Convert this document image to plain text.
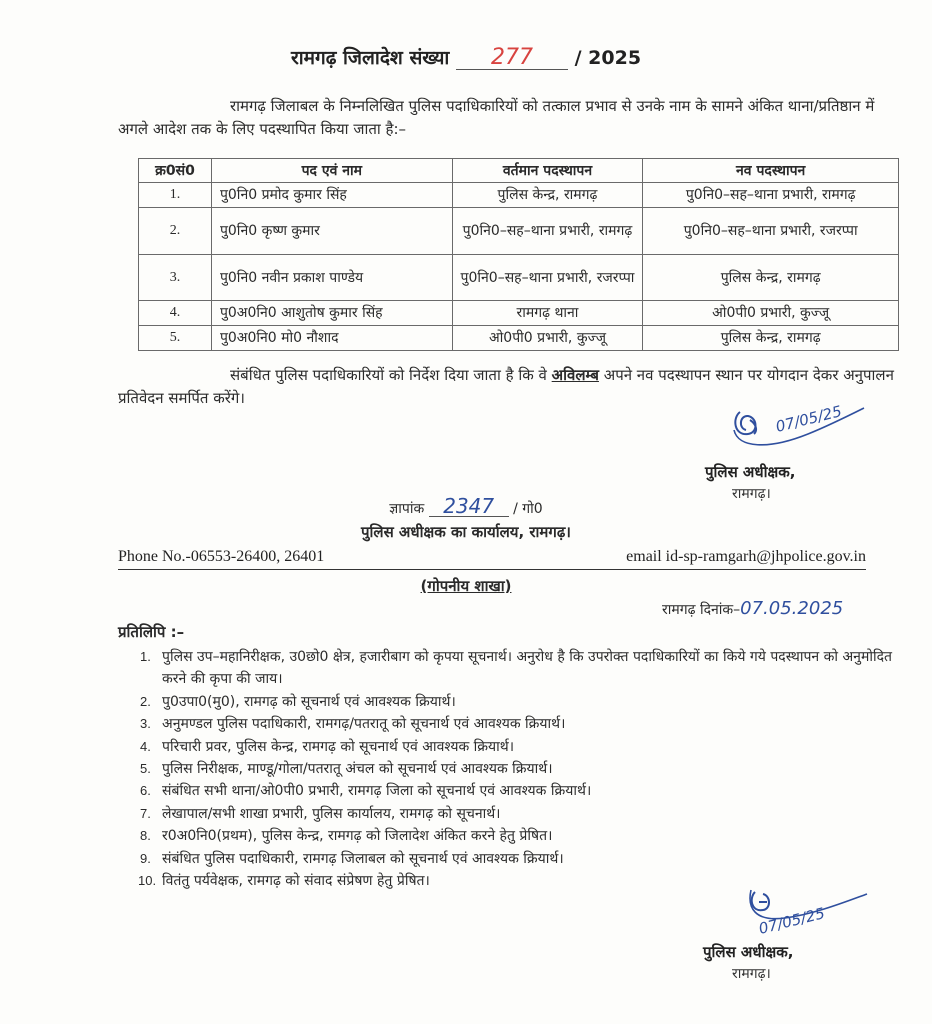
रामगढ़ जिलादेश संख्या 277 / 2025
रामगढ़ जिलाबल के निम्नलिखित पुलिस पदाधिकारियों को तत्काल प्रभाव से उनके नाम के सामने अंकित थाना/प्रतिष्ठान में अगले आदेश तक के लिए पदस्थापित किया जाता है:–
क्र0सं0	पद एवं नाम	वर्तमान पदस्थापन	नव पदस्थापन
1.	पु0नि0 प्रमोद कुमार सिंह	पुलिस केन्द्र, रामगढ़	पु0नि0–सह–थाना प्रभारी, रामगढ़
2.	पु0नि0 कृष्ण कुमार	पु0नि0–सह–थाना प्रभारी, रामगढ़	पु0नि0–सह–थाना प्रभारी, रजरप्पा
3.	पु0नि0 नवीन प्रकाश पाण्डेय	पु0नि0–सह–थाना प्रभारी, रजरप्पा	पुलिस केन्द्र, रामगढ़
4.	पु0अ0नि0 आशुतोष कुमार सिंह	रामगढ़ थाना	ओ0पी0 प्रभारी, कुज्जू
5.	पु0अ0नि0 मो0 नौशाद	ओ0पी0 प्रभारी, कुज्जू	पुलिस केन्द्र, रामगढ़
संबंधित पुलिस पदाधिकारियों को निर्देश दिया जाता है कि वे अविलम्ब अपने नव पदस्थापन स्थान पर योगदान देकर अनुपालन प्रतिवेदन समर्पित करेंगे।
07/05/25
पुलिस अधीक्षक,
रामगढ़।
ज्ञापांक 2347 / गो0
पुलिस अधीक्षक का कार्यालय, रामगढ़।
Phone No.-06553-26400, 26401	email id-sp-ramgarh@jhpolice.gov.in
(गोपनीय शाखा)
रामगढ़ दिनांक–07.05.2025
प्रतिलिपि :–
1. पुलिस उप–महानिरीक्षक, उ0छो0 क्षेत्र, हजारीबाग को कृपया सूचनार्थ। अनुरोध है कि उपरोक्त पदाधिकारियों का किये गये पदस्थापन को अनुमोदित करने की कृपा की जाय।
2. पु0उपा0(मु0), रामगढ़ को सूचनार्थ एवं आवश्यक क्रियार्थ।
3. अनुमण्डल पुलिस पदाधिकारी, रामगढ़/पतरातू को सूचनार्थ एवं आवश्यक क्रियार्थ।
4. परिचारी प्रवर, पुलिस केन्द्र, रामगढ़ को सूचनार्थ एवं आवश्यक क्रियार्थ।
5. पुलिस निरीक्षक, माण्डू/गोला/पतरातू अंचल को सूचनार्थ एवं आवश्यक क्रियार्थ।
6. संबंधित सभी थाना/ओ0पी0 प्रभारी, रामगढ़ जिला को सूचनार्थ एवं आवश्यक क्रियार्थ।
7. लेखापाल/सभी शाखा प्रभारी, पुलिस कार्यालय, रामगढ़ को सूचनार्थ।
8. र0अ0नि0(प्रथम), पुलिस केन्द्र, रामगढ़ को जिलादेश अंकित करने हेतु प्रेषित।
9. संबंधित पुलिस पदाधिकारी, रामगढ़ जिलाबल को सूचनार्थ एवं आवश्यक क्रियार्थ।
10. वितंतु पर्यवेक्षक, रामगढ़ को संवाद संप्रेषण हेतु प्रेषित।
07/05/25
पुलिस अधीक्षक,
रामगढ़।
